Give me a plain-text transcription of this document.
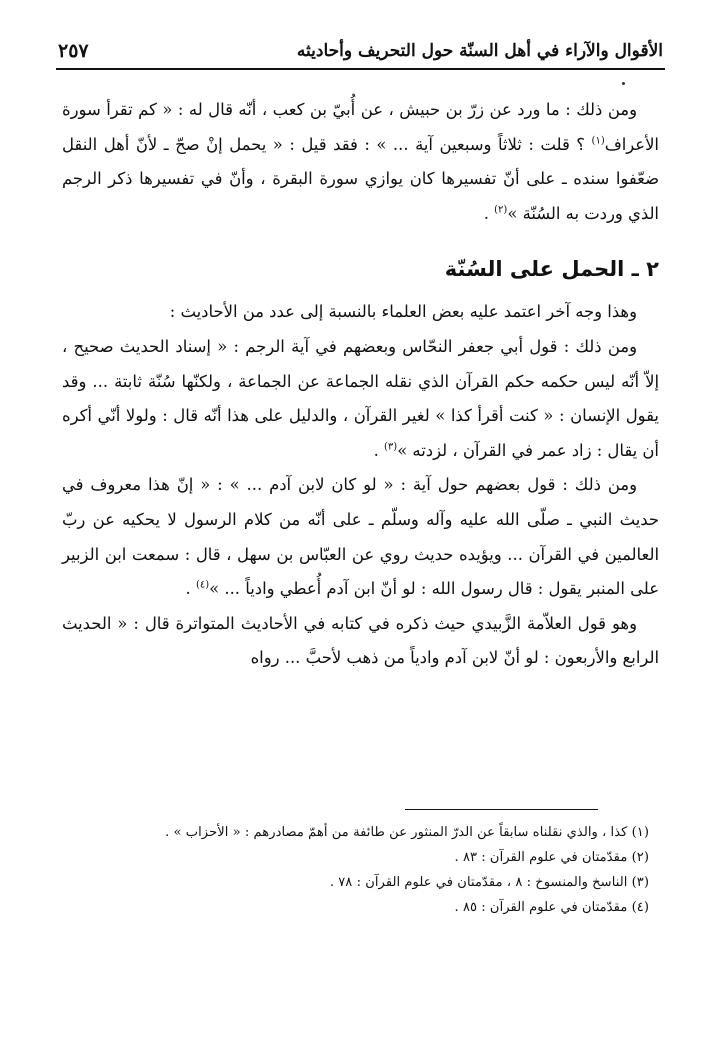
٢٥٧	الأقوال والآراء في أهل السنّة حول التحريف وأحاديثه

ومن ذلك : ما ورد عن زرّ بن حبيش ، عن أُبيّ بن كعب ، أنّه قال له : « كم تقرأ سورة الأعراف$^{(١)}$ ؟ قلت : ثلاثاً وسبعين آية ... » : فقد قيل : « يحمل إنْ صحّ ـ لأنّ أهل النقل ضعّفوا سنده ـ على أنّ تفسيرها كان يوازي سورة البقرة ، وأنّ في تفسيرها ذكر الرجم الذي وردت به السُنّة »$^{(٢)}$ .

٢ ـ الحمل على السُنّة

وهذا وجه آخر اعتمد عليه بعض العلماء بالنسبة إلى عدد من الأحاديث :

ومن ذلك : قول أبي جعفر النحّاس وبعضهم في آية الرجم : « إسناد الحديث صحيح ، إلاّ أنّه ليس حكمه حكم القرآن الذي نقله الجماعة عن الجماعة ، ولكنّها سُنّة ثابتة ... وقد يقول الإنسان : « كنت أقرأ كذا » لغير القرآن ، والدليل على هذا أنّه قال : ولولا أنّي أكره أن يقال : زاد عمر في القرآن ، لزدته »$^{(٣)}$ .

ومن ذلك : قول بعضهم حول آية : « لو كان لابن آدم ... » : « إنّ هذا معروف في حديث النبي ـ صلّى الله عليه وآله وسلّم ـ على أنّه من كلام الرسول لا يحكيه عن ربّ العالمين في القرآن ... ويؤيده حديث روي عن العبّاس بن سهل ، قال : سمعت ابن الزبير على المنبر يقول : قال رسول الله : لو أنّ ابن آدم أُعطي وادياً ... »$^{(٤)}$ .

وهو قول العلاّمة الزَّبيدي حيث ذكره في كتابه في الأحاديث المتواترة قال : « الحديث الرابع والأربعون : لو أنّ لابن آدم وادياً من ذهب لأحبَّ ... رواه

(١) كذا ، والذي نقلناه سابقاً عن الدرّ المنثور عن طائفة من أهمّ مصادرهم : « الأحزاب » .

(٢) مقدّمتان في علوم القرآن : ٨٣ .

(٣) الناسخ والمنسوخ : ٨ ، مقدّمتان في علوم القرآن : ٧٨ .

(٤) مقدّمتان في علوم القرآن : ٨٥ .
